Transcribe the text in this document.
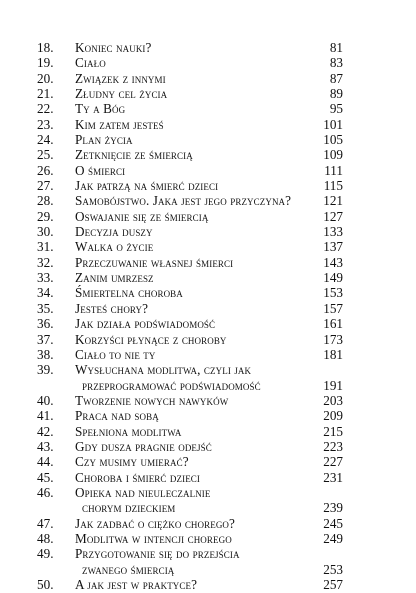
18.	Koniec nauki?	81
19.	Ciało	83
20.	Związek z innymi	87
21.	Złudny cel życia	89
22.	Ty a Bóg	95
23.	Kim zatem jesteś	101
24.	Plan życia	105
25.	Zetknięcie ze śmiercią	109
26.	O śmierci	111
27.	Jak patrzą na śmierć dzieci	115
28.	Samobójstwo. Jaka jest jego przyczyna? 121
29.	Oswajanie się ze śmiercią	127
30.	Decyzja duszy	133
31.	Walka o życie	137
32.	Przeczuwanie własnej śmierci	143
33.	Zanim umrzesz	149
34.	Śmiertelna choroba	153
35.	Jesteś chory?	157
36.	Jak działa podświadomość	161
37.	Korzyści płynące z choroby	173
38.	Ciało to nie ty	181
39.	Wysłuchana modlitwa, czyli jak
przeprogramować podświadomość	191
40.	Tworzenie nowych nawyków	203
41.	Praca nad sobą	209
42.	Spełniona modlitwa	215
43.	Gdy dusza pragnie odejść	223
44.	Czy musimy umierać?	227
45.	Choroba i śmierć dzieci	231
46.	Opieka nad nieuleczalnie
chorym dzieckiem	239
47.	Jak zadbać o ciężko chorego?	245
48.	Modlitwa w intencji chorego	249
49.	Przygotowanie się do przejścia
zwanego śmiercią	253
50.	A jak jest w praktyce?	257
